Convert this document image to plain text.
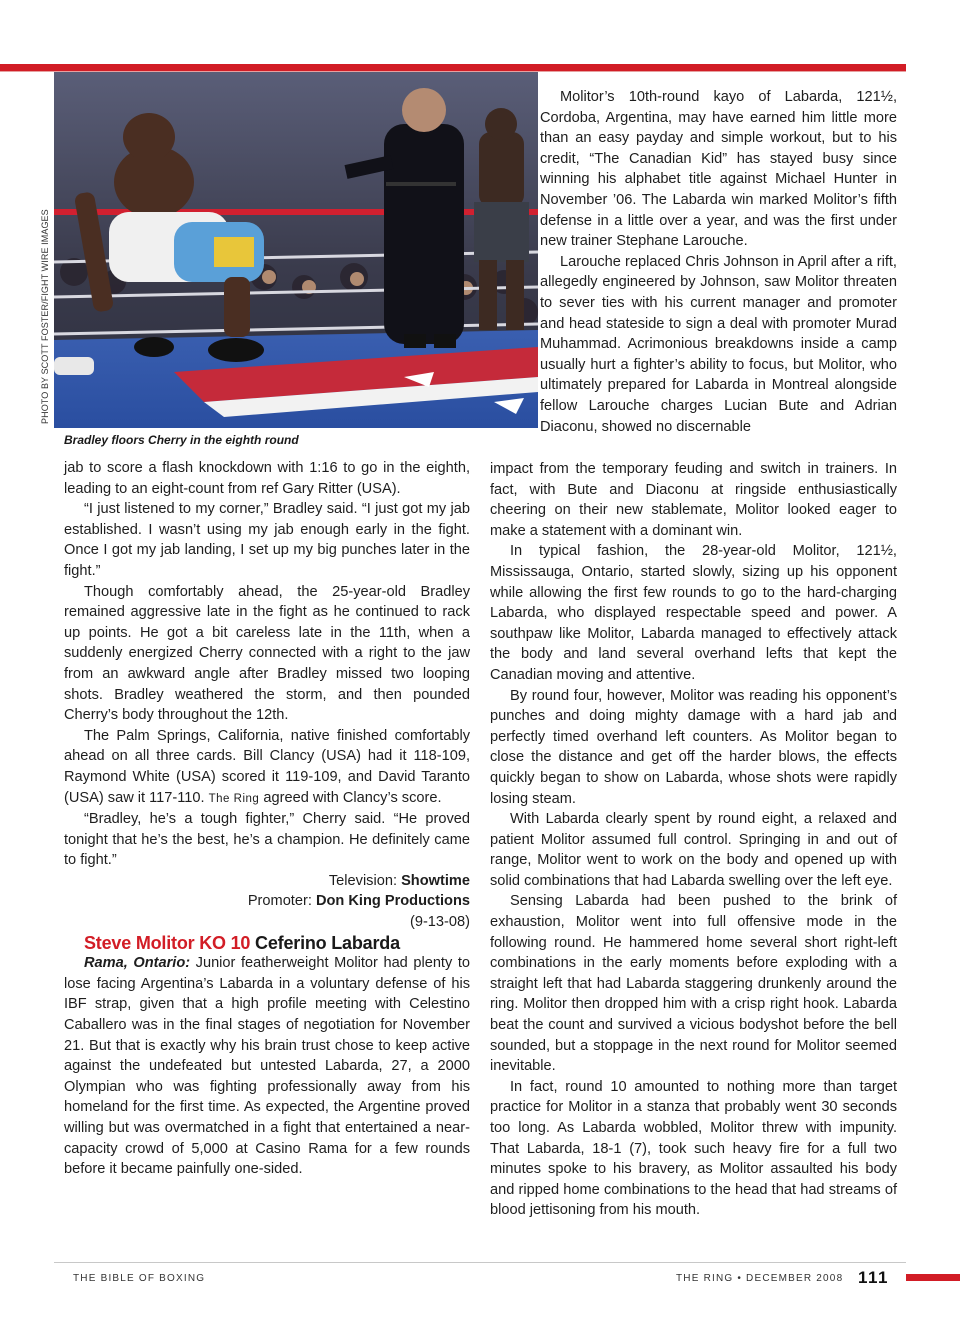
PHOTO BY SCOTT FOSTER/FIGHT WIRE IMAGES
Bradley floors Cherry in the eighth round

Molitor’s 10th-round kayo of Labarda, 121½, Cordoba, Argentina, may have earned him little more than an easy payday and simple workout, but to his credit, “The Canadian Kid” has stayed busy since winning his alphabet title against Michael Hunter in November ’06. The Labarda win marked Molitor’s fifth defense in a little over a year, and was the first under new trainer Stephane Larouche.

Larouche replaced Chris Johnson in April after a rift, allegedly engineered by Johnson, saw Molitor threaten to sever ties with his current manager and promoter and head stateside to sign a deal with promoter Murad Muhammad. Acrimonious breakdowns inside a camp usually hurt a fighter’s ability to focus, but Molitor, who ultimately prepared for Labarda in Montreal alongside fellow Larouche charges Lucian Bute and Adrian Diaconu, showed no discernable

jab to score a flash knockdown with 1:16 to go in the eighth, leading to an eight-count from ref Gary Ritter (USA).

“I just listened to my corner,” Bradley said. “I just got my jab established. I wasn’t using my jab enough early in the fight. Once I got my jab landing, I set up my big punches later in the fight.”

Though comfortably ahead, the 25-year-old Bradley remained aggressive late in the fight as he continued to rack up points. He got a bit careless late in the 11th, when a suddenly energized Cherry connected with a right to the jaw from an awkward angle after Bradley missed two looping shots. Bradley weathered the storm, and then pounded Cherry’s body throughout the 12th.

The Palm Springs, California, native finished comfortably ahead on all three cards. Bill Clancy (USA) had it 118-109, Raymond White (USA) scored it 119-109, and David Taranto (USA) saw it 117-110. The Ring agreed with Clancy’s score.

“Bradley, he’s a tough fighter,” Cherry said. “He proved tonight that he’s the best, he’s a champion. He definitely came to fight.”

Television: Showtime

Promoter: Don King Productions

(9-13-08)

Steve Molitor KO 10 Ceferino Labarda

Rama, Ontario: Junior featherweight Molitor had plenty to lose facing Argentina’s Labarda in a voluntary defense of his IBF strap, given that a high profile meeting with Celestino Caballero was in the final stages of negotiation for November 21. But that is exactly why his brain trust chose to keep active against the undefeated but untested Labarda, 27, a 2000 Olympian who was fighting professionally away from his homeland for the first time. As expected, the Argentine proved willing but was overmatched in a fight that entertained a near-capacity crowd of 5,000 at Casino Rama for a few rounds before it became painfully one-sided.

impact from the temporary feuding and switch in trainers. In fact, with Bute and Diaconu at ringside enthusiastically cheering on their new stablemate, Molitor looked eager to make a statement with a dominant win.

In typical fashion, the 28-year-old Molitor, 121½, Mississauga, Ontario, started slowly, sizing up his opponent while allowing the first few rounds to go to the hard-charging Labarda, who displayed respectable speed and power. A southpaw like Molitor, Labarda managed to effectively attack the body and land several overhand lefts that kept the Canadian moving and attentive.

By round four, however, Molitor was reading his opponent’s punches and doing mighty damage with a hard jab and perfectly timed overhand left counters. As Molitor began to close the distance and get off the harder blows, the effects quickly began to show on Labarda, whose shots were rapidly losing steam.

With Labarda clearly spent by round eight, a relaxed and patient Molitor assumed full control. Springing in and out of range, Molitor went to work on the body and opened up with solid combinations that had Labarda swelling over the left eye.

Sensing Labarda had been pushed to the brink of exhaustion, Molitor went into full offensive mode in the following round. He hammered home several short right-left combinations in the early moments before exploding with a straight left that had Labarda staggering drunkenly around the ring. Molitor then dropped him with a crisp right hook. Labarda beat the count and survived a vicious bodyshot before the bell sounded, but a stoppage in the next round for Molitor seemed inevitable.

In fact, round 10 amounted to nothing more than target practice for Molitor in a stanza that probably went 30 seconds too long. As Labarda wobbled, Molitor threw with impunity. That Labarda, 18-1 (7), took such heavy fire for a full two minutes spoke to his bravery, as Molitor assaulted his body and ripped home combinations to the head that had streams of blood jettisoning from his mouth.

THE BIBLE OF BOXING	THE RING • DECEMBER 2008 111
